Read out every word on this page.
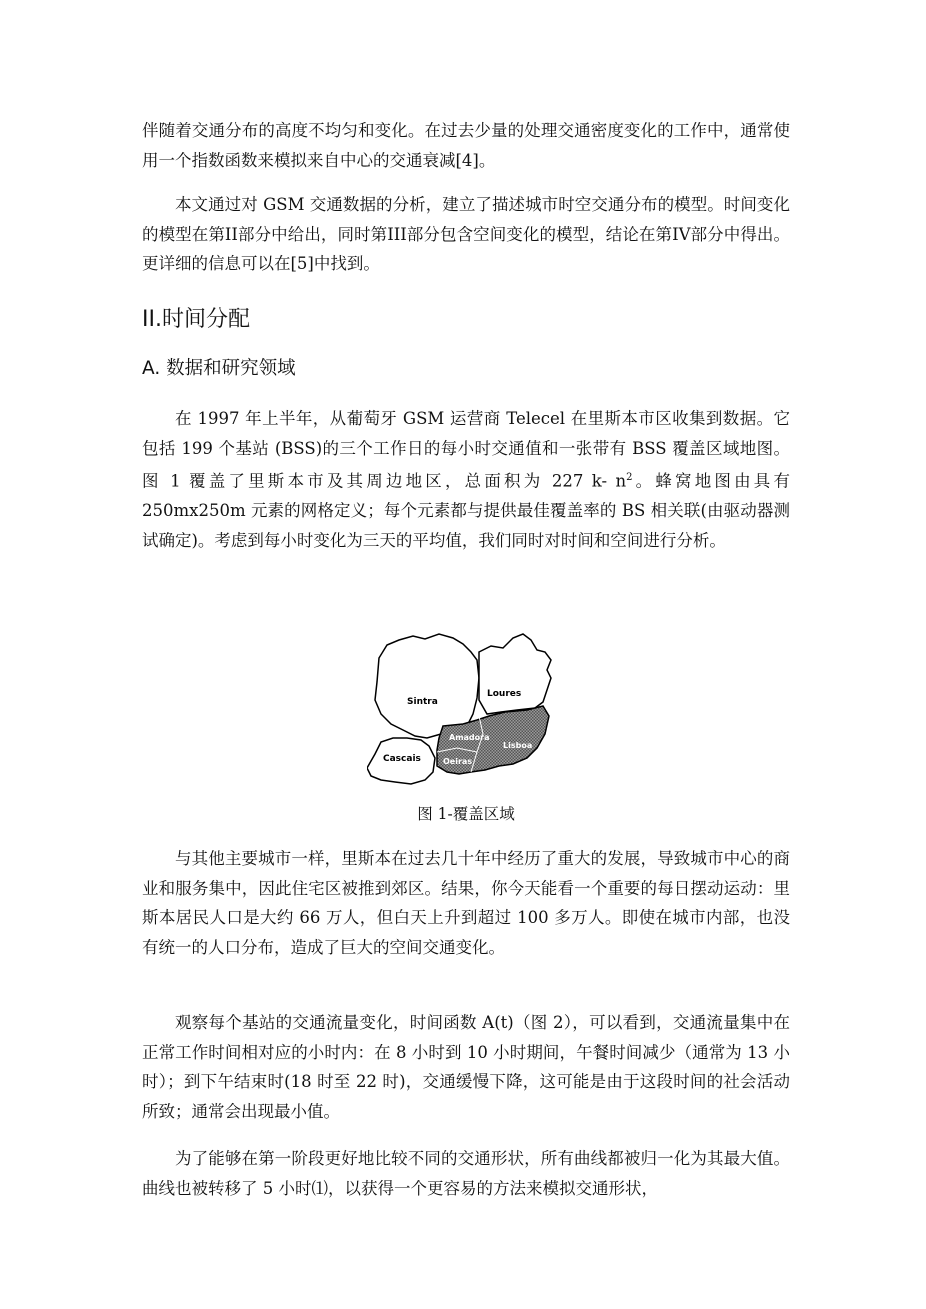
伴随着交通分布的高度不均匀和变化。在过去少量的处理交通密度变化的工作中，通常使用一个指数函数来模拟来自中心的交通衰减[4]。

本文通过对 GSM 交通数据的分析，建立了描述城市时空交通分布的模型。时间变化的模型在第II部分中给出，同时第III部分包含空间变化的模型，结论在第IV部分中得出。更详细的信息可以在[5]中找到。

II.时间分配
A. 数据和研究领域

在 1997 年上半年，从葡萄牙 GSM 运营商 Telecel 在里斯本市区收集到数据。它包括 199 个基站 (BSS)的三个工作日的每小时交通值和一张带有 BSS 覆盖区域地图。图 1 覆盖了里斯本市及其周边地区，总面积为 227 k- $n^2$。蜂窝地图由具有 250mx250m 元素的网格定义；每个元素都与提供最佳覆盖率的 BS 相关联(由驱动器测试确定)。考虑到每小时变化为三天的平均值，我们同时对时间和空间进行分析。

Sintra
Loures
Cascais
Amadora
Oeiras
Lisboa
图 1-覆盖区域

与其他主要城市一样，里斯本在过去几十年中经历了重大的发展，导致城市中心的商业和服务集中，因此住宅区被推到郊区。结果，你今天能看一个重要的每日摆动运动：里斯本居民人口是大约 66 万人，但白天上升到超过 100 多万人。即使在城市内部，也没有统一的人口分布，造成了巨大的空间交通变化。

观察每个基站的交通流量变化，时间函数 A(t)（图 2），可以看到，交通流量集中在正常工作时间相对应的小时内：在 8 小时到 10 小时期间，午餐时间减少（通常为 13 小时）；到下午结束时(18 时至 22 时)，交通缓慢下降，这可能是由于这段时间的社会活动所致；通常会出现最小值。

为了能够在第一阶段更好地比较不同的交通形状，所有曲线都被归一化为其最大值。曲线也被转移了 5 小时⑴，以获得一个更容易的方法来模拟交通形状，
